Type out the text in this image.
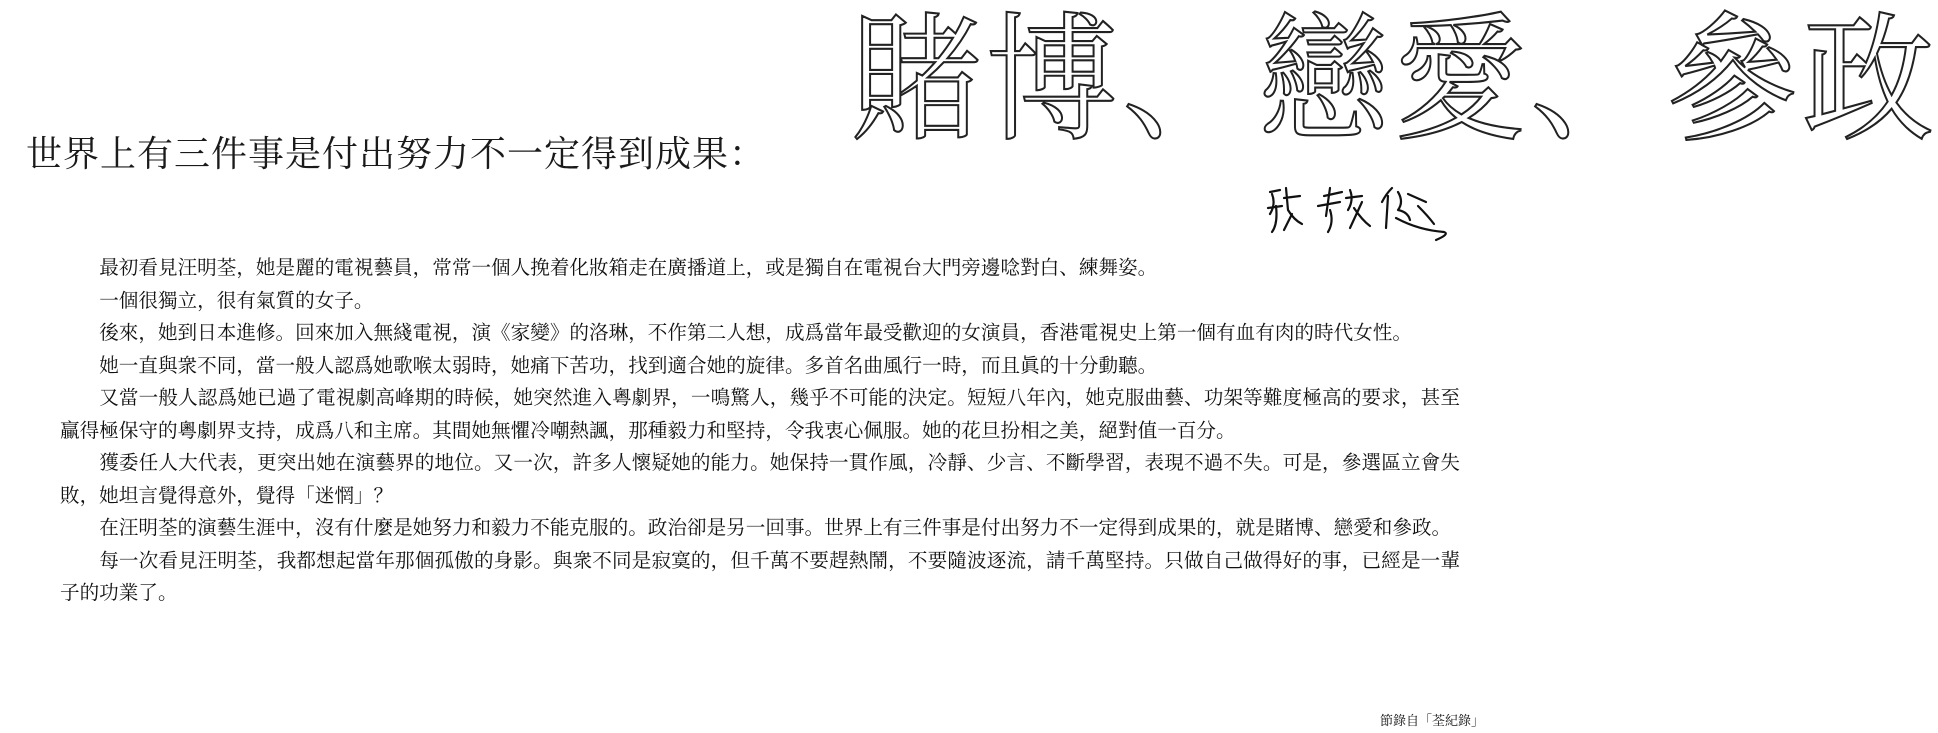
世界上有三件事是付出努力不一定得到成果： 賭博、戀愛、參政

最初看見汪明荃，她是麗的電視藝員，常常一個人挽着化妝箱走在廣播道上，或是獨自在電視台大門旁邊唸對白、練舞姿。

一個很獨立，很有氣質的女子。

後來，她到日本進修。回來加入無綫電視，演《家變》的洛琳，不作第二人想，成爲當年最受歡迎的女演員，香港電視史上第一個有血有肉的時代女性。

她一直與衆不同，當一般人認爲她歌喉太弱時，她痛下苦功，找到適合她的旋律。多首名曲風行一時，而且眞的十分動聽。

又當一般人認爲她已過了電視劇高峰期的時候，她突然進入粵劇界，一鳴驚人，幾乎不可能的決定。短短八年內，她克服曲藝、功架等難度極高的要求，甚至贏得極保守的粵劇界支持，成爲八和主席。其間她無懼冷嘲熱諷，那種毅力和堅持，令我衷心佩服。她的花旦扮相之美，絕對值一百分。

獲委任人大代表，更突出她在演藝界的地位。又一次，許多人懷疑她的能力。她保持一貫作風，冷靜、少言、不斷學習，表現不過不失。可是，參選區立會失敗，她坦言覺得意外，覺得「迷惘」？

在汪明荃的演藝生涯中，沒有什麼是她努力和毅力不能克服的。政治卻是另一回事。世界上有三件事是付出努力不一定得到成果的，就是賭博、戀愛和參政。

每一次看見汪明荃，我都想起當年那個孤傲的身影。與衆不同是寂寞的，但千萬不要趕熱鬧，不要隨波逐流，請千萬堅持。只做自己做得好的事，已經是一輩子的功業了。

節錄自「荃紀錄」
